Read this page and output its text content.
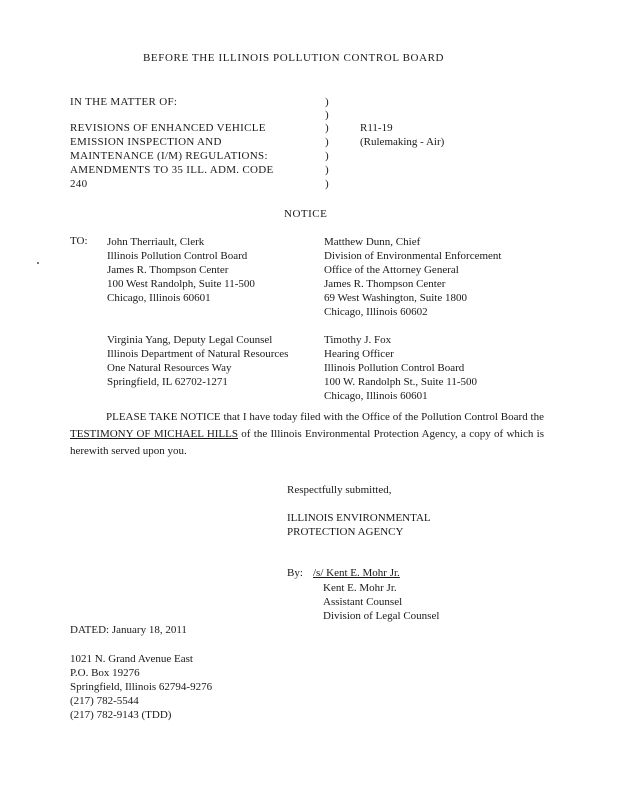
BEFORE THE ILLINOIS POLLUTION CONTROL BOARD
IN THE MATTER OF:
REVISIONS OF ENHANCED VEHICLE
EMISSION INSPECTION AND
MAINTENANCE (I/M) REGULATIONS:
AMENDMENTS TO 35 ILL. ADM. CODE
240
)
)
)
)
)
)
)
R11-19
(Rulemaking - Air)
NOTICE
TO: John Therriault, Clerk
Illinois Pollution Control Board
James R. Thompson Center
100 West Randolph, Suite 11-500
Chicago, Illinois 60601
Matthew Dunn, Chief
Division of Environmental Enforcement
Office of the Attorney General
James R. Thompson Center
69 West Washington, Suite 1800
Chicago, Illinois 60602
Virginia Yang, Deputy Legal Counsel
Illinois Department of Natural Resources
One Natural Resources Way
Springfield, IL 62702-1271
Timothy J. Fox
Hearing Officer
Illinois Pollution Control Board
100 W. Randolph St., Suite 11-500
Chicago, Illinois 60601
PLEASE TAKE NOTICE that I have today filed with the Office of the Pollution Control Board the TESTIMONY OF MICHAEL HILLS of the Illinois Environmental Protection Agency, a copy of which is herewith served upon you.
Respectfully submitted,
ILLINOIS ENVIRONMENTAL
PROTECTION AGENCY
By: /s/ Kent E. Mohr Jr.
Kent E. Mohr Jr.
Assistant Counsel
Division of Legal Counsel
DATED: January 18, 2011
1021 N. Grand Avenue East
P.O. Box 19276
Springfield, Illinois 62794-9276
(217) 782-5544
(217) 782-9143 (TDD)
